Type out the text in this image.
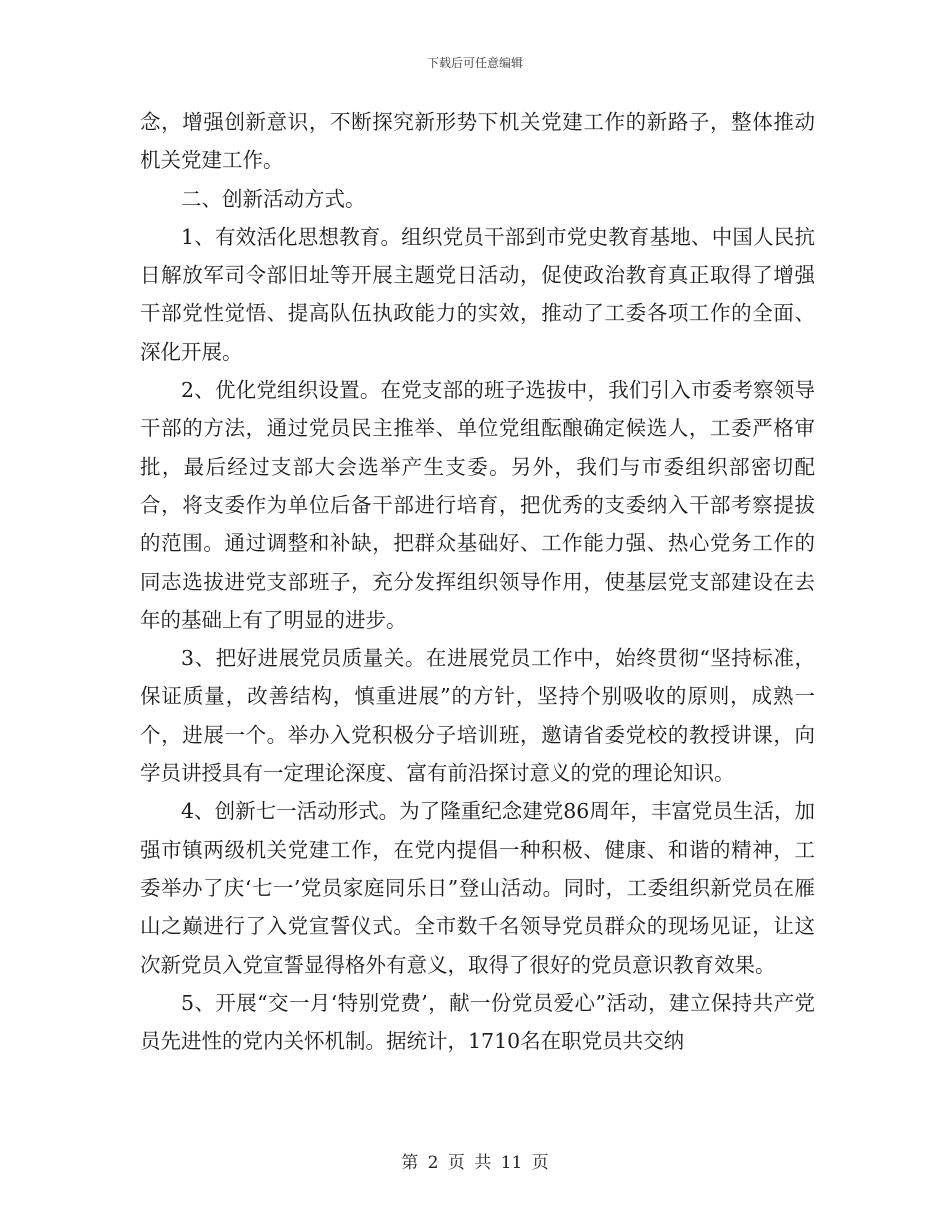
下载后可任意编辑

念，增强创新意识，不断探究新形势下机关党建工作的新路子，整体推动机关党建工作。

二、创新活动方式。

1、有效活化思想教育。组织党员干部到市党史教育基地、中国人民抗日解放军司令部旧址等开展主题党日活动，促使政治教育真正取得了增强干部党性觉悟、提高队伍执政能力的实效，推动了工委各项工作的全面、深化开展。

2、优化党组织设置。在党支部的班子选拔中，我们引入市委考察领导干部的方法，通过党员民主推举、单位党组酝酿确定候选人，工委严格审批，最后经过支部大会选举产生支委。另外，我们与市委组织部密切配合，将支委作为单位后备干部进行培育，把优秀的支委纳入干部考察提拔的范围。通过调整和补缺，把群众基础好、工作能力强、热心党务工作的同志选拔进党支部班子，充分发挥组织领导作用，使基层党支部建设在去年的基础上有了明显的进步。

3、把好进展党员质量关。在进展党员工作中，始终贯彻“坚持标准，保证质量，改善结构，慎重进展”的方针，坚持个别吸收的原则，成熟一个，进展一个。举办入党积极分子培训班，邀请省委党校的教授讲课，向学员讲授具有一定理论深度、富有前沿探讨意义的党的理论知识。

4、创新七一活动形式。为了隆重纪念建党86周年，丰富党员生活，加强市镇两级机关党建工作，在党内提倡一种积极、健康、和谐的精神，工委举办了庆‘七一’党员家庭同乐日”登山活动。同时，工委组织新党员在雁山之巅进行了入党宣誓仪式。全市数千名领导党员群众的现场见证，让这次新党员入党宣誓显得格外有意义，取得了很好的党员意识教育效果。

5、开展“交一月‘特别党费’，献一份党员爱心”活动，建立保持共产党员先进性的党内关怀机制。据统计，1710名在职党员共交纳

第 2 页 共 11 页
